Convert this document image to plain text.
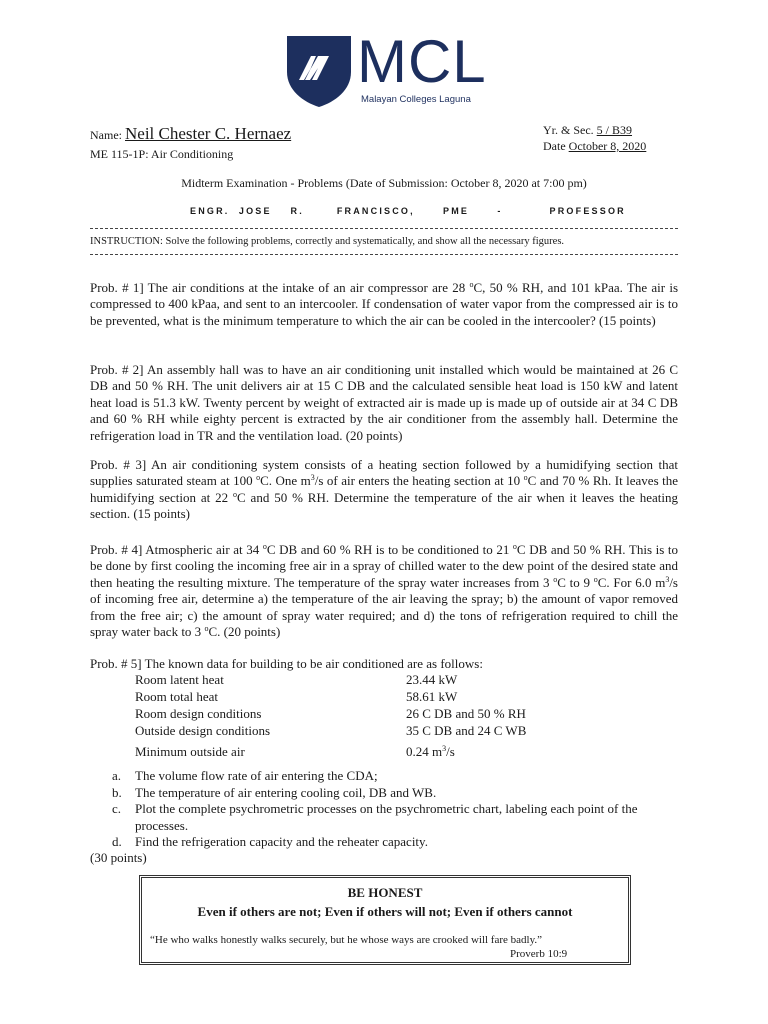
MCL
Malayan Colleges Laguna
Name: Neil Chester C. Hernaez
ME 115-1P: Air Conditioning
Yr. & Sec. 5 / B39
Date October 8, 2020
Midterm Examination - Problems (Date of Submission: October 8, 2020 at 7:00 pm)
ENGR.  JOSE    R.       FRANCISCO,      PME      -          PROFESSOR
INSTRUCTION: Solve the following problems, correctly and systematically, and show all the necessary figures.
Prob. # 1] The air conditions at the intake of an air compressor are 28 $^o$C, 50 % RH, and 101 kPaa. The air is compressed to 400 kPaa, and sent to an intercooler. If condensation of water vapor from the compressed air is to be prevented, what is the minimum temperature to which the air can be cooled in the intercooler? (15 points)
Prob. # 2] An assembly hall was to have an air conditioning unit installed which would be maintained at 26 C DB and 50 % RH. The unit delivers air at 15 C DB and the calculated sensible heat load is 150 kW and latent heat load is 51.3 kW. Twenty percent by weight of extracted air is made up is made up of outside air at 34 C DB and 60 % RH while eighty percent is extracted by the air conditioner from the assembly hall. Determine the refrigeration load in TR and the ventilation load. (20 points)
Prob. # 3] An air conditioning system consists of a heating section followed by a humidifying section that supplies saturated steam at 100 $^o$C. One $m^3/s$ of air enters the heating section at 10 $^o$C and 70 % Rh. It leaves the humidifying section at 22 $^o$C and 50 % RH. Determine the temperature of the air when it leaves the heating section. (15 points)
Prob. # 4] Atmospheric air at 34 $^o$C DB and 60 % RH is to be conditioned to 21 $^o$C DB and 50 % RH. This is to be done by first cooling the incoming free air in a spray of chilled water to the dew point of the desired state and then heating the resulting mixture. The temperature of the spray water increases from 3 $^o$C to 9 $^o$C. For 6.0 $m^3/s$ of incoming free air, determine a) the temperature of the air leaving the spray; b) the amount of vapor removed from the free air; c) the amount of spray water required; and d) the tons of refrigeration required to chill the spray water back to 3 $^o$C. (20 points)
Prob. # 5] The known data for building to be air conditioned are as follows:
Room latent heat	23.44 kW
Room total heat	58.61 kW
Room design conditions	26 C DB and 50 % RH
Outside design conditions	35 C DB and 24 C WB
Minimum outside air	0.24 $m^3/s$
a. The volume flow rate of air entering the CDA;
b. The temperature of air entering cooling coil, DB and WB.
c. Plot the complete psychrometric processes on the psychrometric chart, labeling each point of the processes.
d. Find the refrigeration capacity and the reheater capacity.
(30 points)
BE HONEST
Even if others are not; Even if others will not; Even if others cannot
“He who walks honestly walks securely, but he whose ways are crooked will fare badly.”
Proverb 10:9
